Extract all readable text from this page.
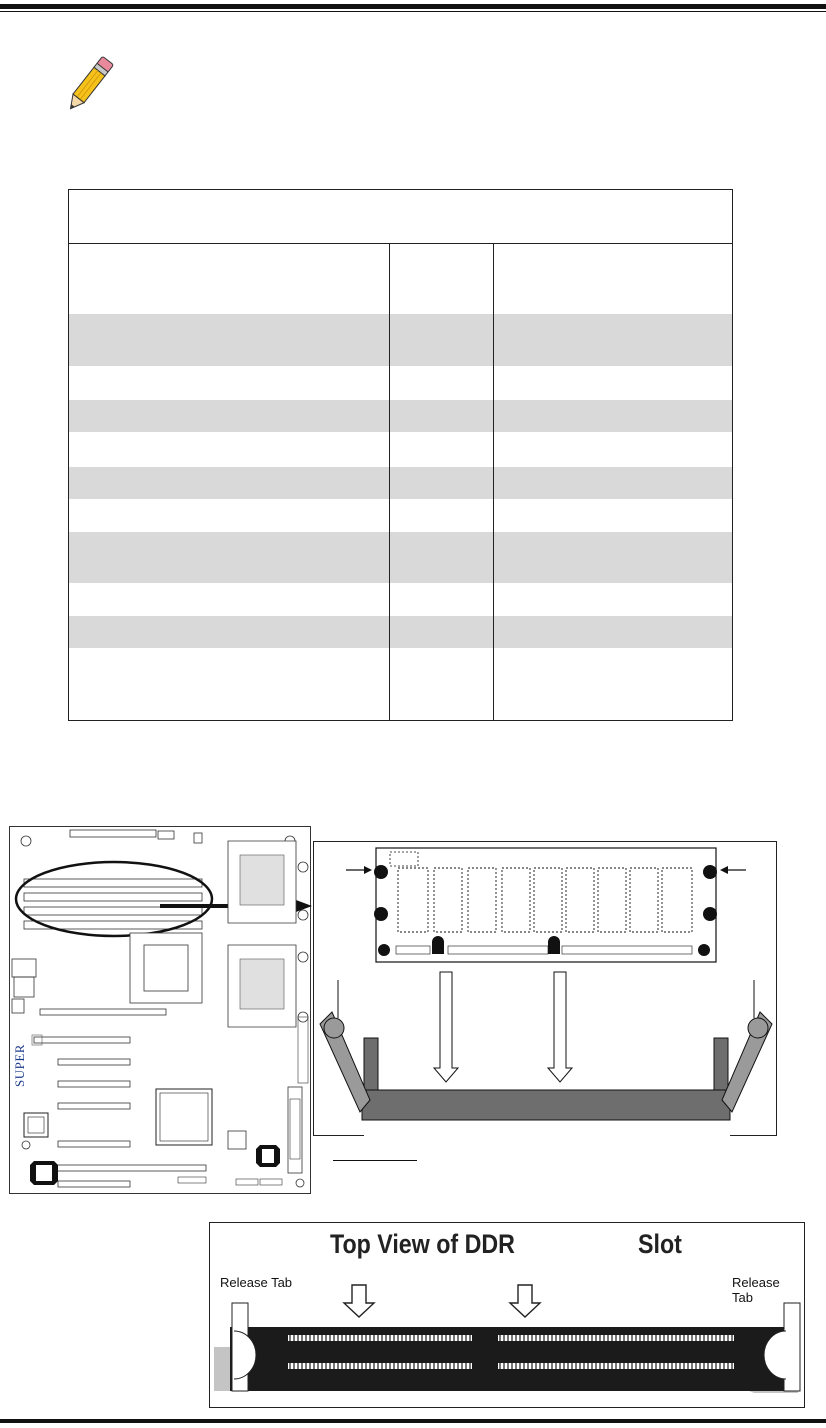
SUPER
Top View of DDR	Slot
Release Tab	Release Tab
